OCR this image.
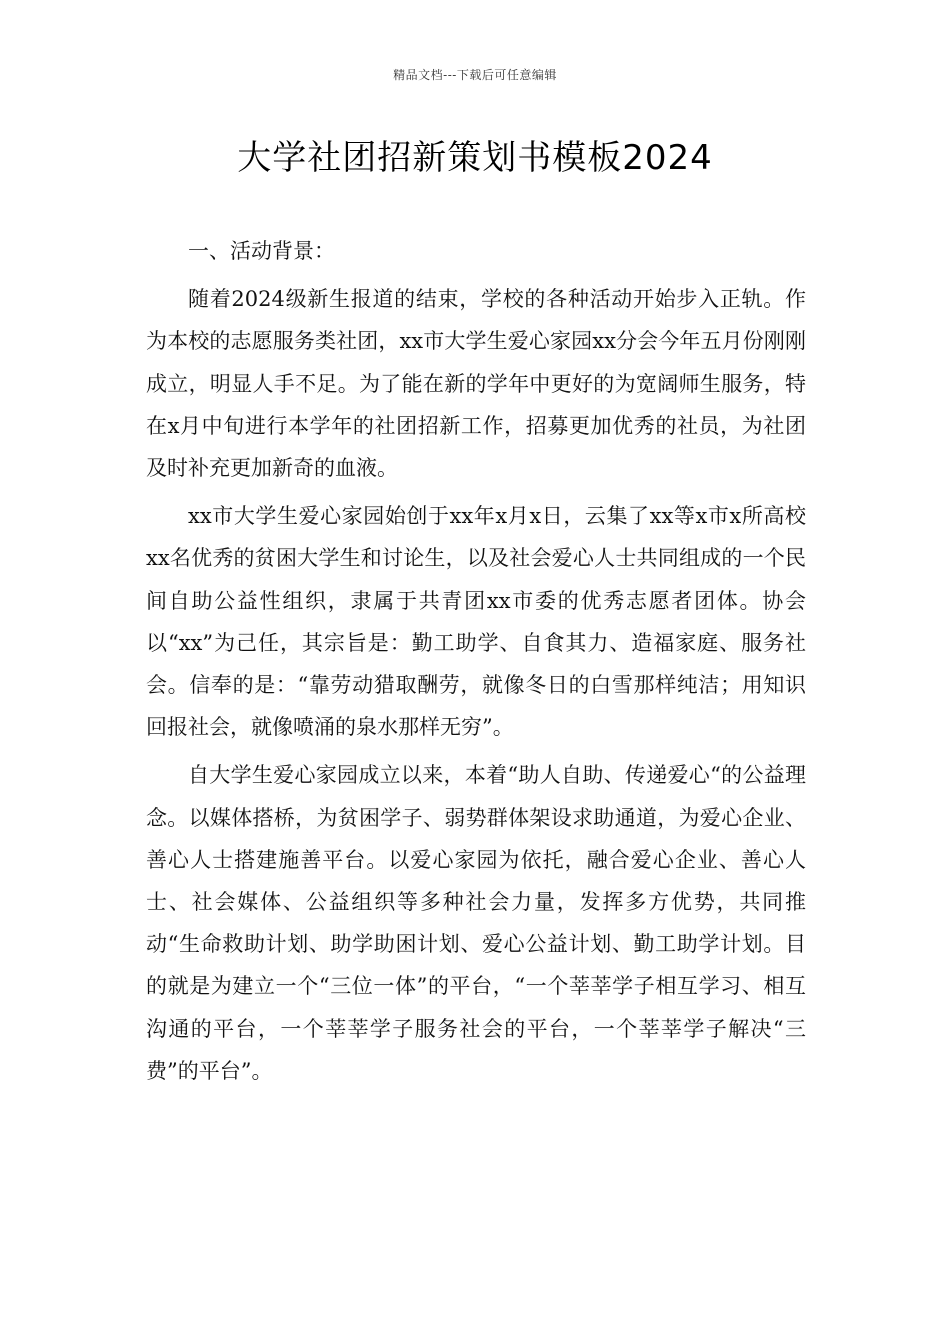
精品文档---下载后可任意编辑
大学社团招新策划书模板2024

一、活动背景：

随着2024级新生报道的结束，学校的各种活动开始步入正轨。作为本校的志愿服务类社团，xx市大学生爱心家园xx分会今年五月份刚刚成立，明显人手不足。为了能在新的学年中更好的为宽阔师生服务，特在x月中旬进行本学年的社团招新工作，招募更加优秀的社员，为社团及时补充更加新奇的血液。

xx市大学生爱心家园始创于xx年x月x日，云集了xx等x市x所高校xx名优秀的贫困大学生和讨论生，以及社会爱心人士共同组成的一个民间自助公益性组织，隶属于共青团xx市委的优秀志愿者团体。协会以“xx”为己任，其宗旨是：勤工助学、自食其力、造福家庭、服务社会。信奉的是：“靠劳动猎取酬劳，就像冬日的白雪那样纯洁；用知识回报社会，就像喷涌的泉水那样无穷”。

自大学生爱心家园成立以来，本着“助人自助、传递爱心“的公益理念。以媒体搭桥，为贫困学子、弱势群体架设求助通道，为爱心企业、善心人士搭建施善平台。以爱心家园为依托，融合爱心企业、善心人士、社会媒体、公益组织等多种社会力量，发挥多方优势，共同推动“生命救助计划、助学助困计划、爱心公益计划、勤工助学计划。目的就是为建立一个“三位一体”的平台，“一个莘莘学子相互学习、相互沟通的平台，一个莘莘学子服务社会的平台，一个莘莘学子解决“三费”的平台”。
